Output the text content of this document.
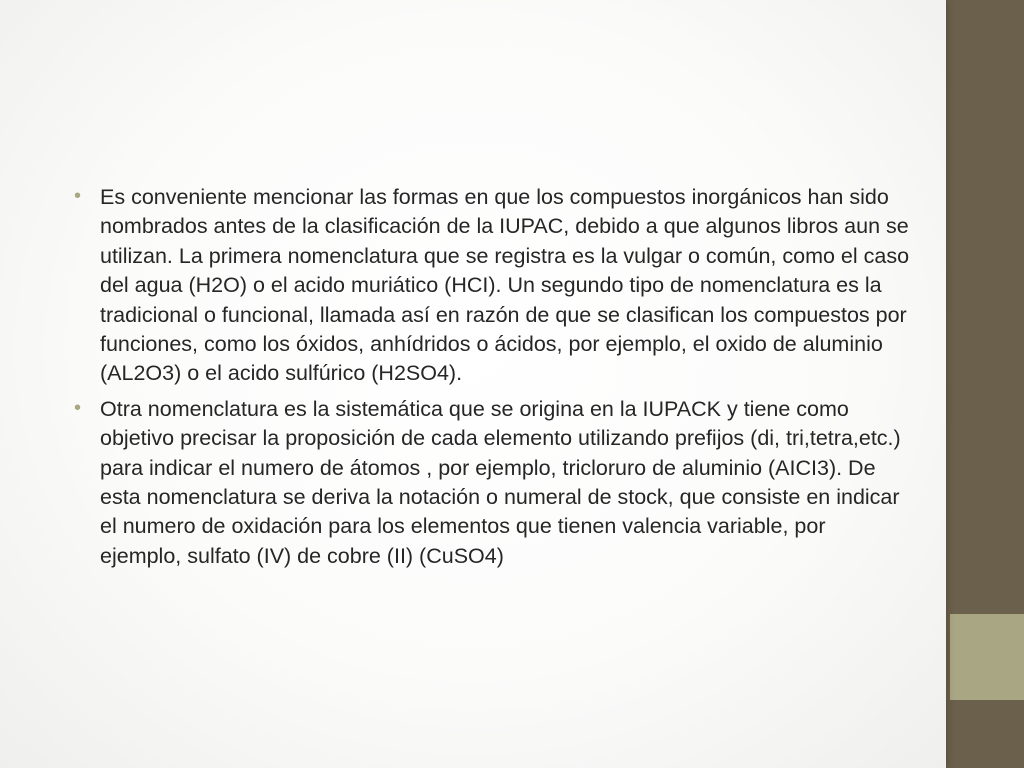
• Es conveniente mencionar las formas en que los compuestos inorgánicos han sido nombrados antes de la clasificación de la IUPAC, debido a que algunos libros aun se utilizan. La primera nomenclatura que se registra es la vulgar o común, como el caso del agua (H2O) o el acido muriático (HCI). Un segundo tipo de nomenclatura es la tradicional o funcional, llamada así en razón de que se clasifican los compuestos por funciones, como los óxidos, anhídridos o ácidos, por ejemplo, el oxido de aluminio (AL2O3) o el acido sulfúrico (H2SO4).
• Otra nomenclatura es la sistemática que se origina en la IUPACK y tiene como objetivo precisar la proposición de cada elemento utilizando prefijos (di, tri,tetra,etc.) para indicar el numero de átomos , por ejemplo, tricloruro de aluminio (AICI3). De esta nomenclatura se deriva la notación o numeral de stock, que consiste en indicar el numero de oxidación para los elementos que tienen valencia variable, por ejemplo, sulfato (IV) de cobre (II) (CuSO4)
